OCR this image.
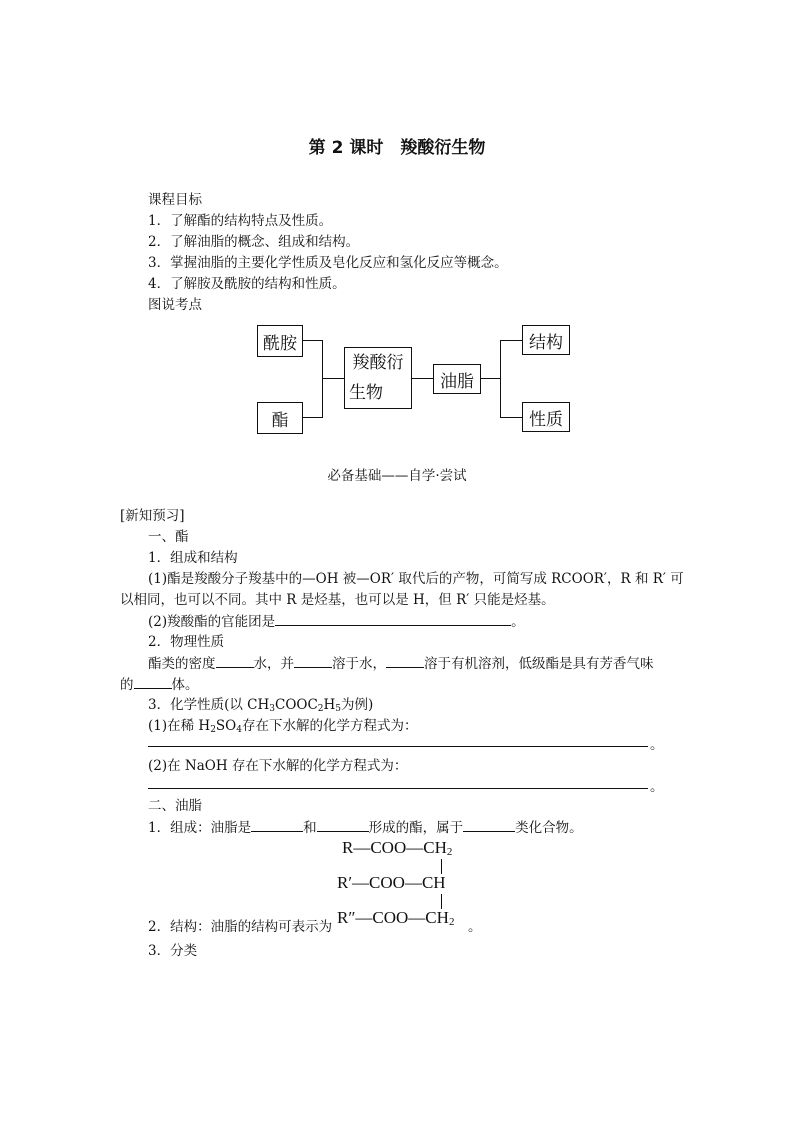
第 2 课时　羧酸衍生物
课程目标
1．了解酯的结构特点及性质。
2．了解油脂的概念、组成和结构。
3．掌握油脂的主要化学性质及皂化反应和氢化反应等概念。
4．了解胺及酰胺的结构和性质。
图说考点
酰胺
酯
羧酸衍
生物
油脂
结构
性质
必备基础——自学·尝试
[新知预习]
一、酯
1．组成和结构
(1)酯是羧酸分子羧基中的—OH 被—OR′ 取代后的产物，可简写成 RCOOR′，R 和 R′ 可
以相同，也可以不同。其中 R 是烃基，也可以是 H，但 R′ 只能是烃基。
(2)羧酸酯的官能团是	。
2．物理性质
酯类的密度	水，并	溶于水，	溶于有机溶剂，低级酯是具有芳香气味
的	体。
3．化学性质(以 $CH_3COOC_2H_5$为例)
(1)在稀 $H_2SO_4$存在下水解的化学方程式为：
。
(2)在 NaOH 存在下水解的化学方程式为：
。
二、油脂
1．组成：油脂是	和	形成的酯，属于	类化合物。
$R—COO—CH_2$
R′—COO—CH
$R''—COO—CH_2$
2．结构：油脂的结构可表示为	。
3．分类
